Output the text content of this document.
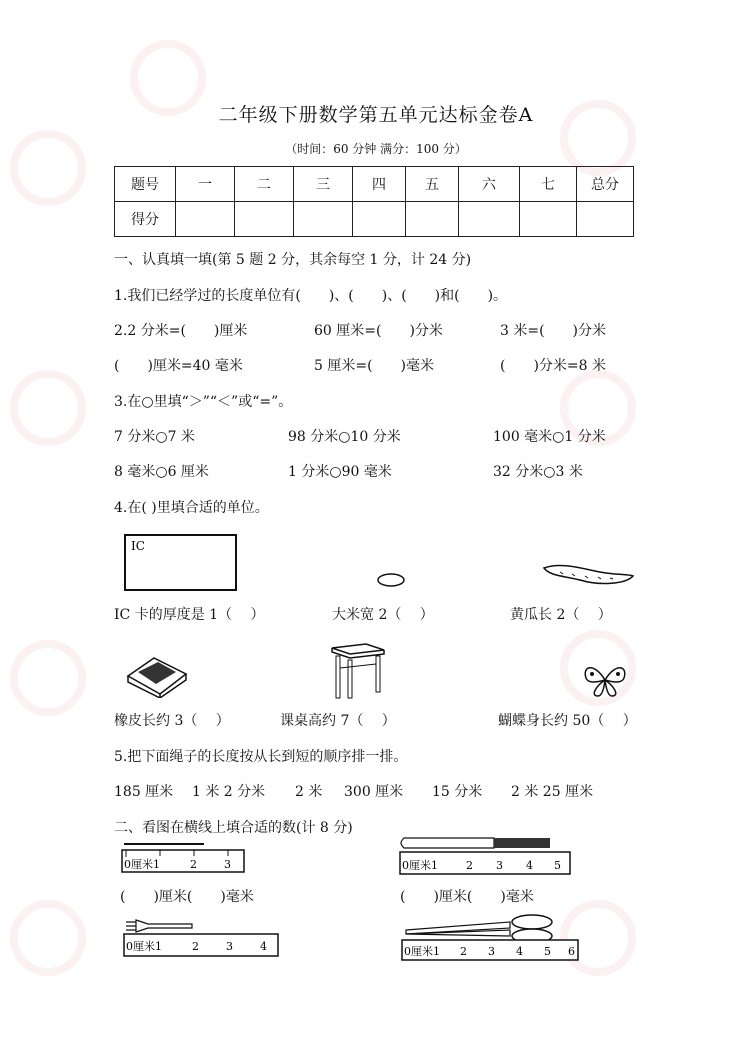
二年级下册数学第五单元达标金卷A
（时间：60 分钟 满分：100 分）
题号	一	二	三	四	五	六	七	总分
得分								
一、认真填一填(第 5 题 2 分，其余每空 1 分，计 24 分)
1.我们已经学过的长度单位有(　　)、(　　)、(　　)和(　　)。
2.2 分米=(　　)厘米	60 厘米=(　　)分米	3 米=(　　)分米
(　　)厘米=40 毫米	5 厘米=(　　)毫米	(　　)分米=8 米
3.在○里填“＞”“＜”或“=”。
7 分米○7 米	98 分米○10 分米	100 毫米○1 分米
8 毫米○6 厘米	1 分米○90 毫米	32 分米○3 米
4.在( )里填合适的单位。
IC
IC 卡的厚度是 1（　 ）	大米宽 2（　 ）	黄瓜长 2（　 ）
橡皮长约 3（　 ）	课桌高约 7（　 ）	蝴蝶身长约 50（　 ）
5.把下面绳子的长度按从长到短的顺序排一排。
185 厘米 1 米 2 分米 2 米 300 厘米 15 分米 2 米 25 厘米
二、看图在横线上填合适的数(计 8 分)
0厘米1	2 3	0厘米1	2 3 4 5
(　　)厘米(　　)毫米	(　　)厘米(　　)毫米
0厘米1	2 3 4	0厘米1 2 3 4 5 6
